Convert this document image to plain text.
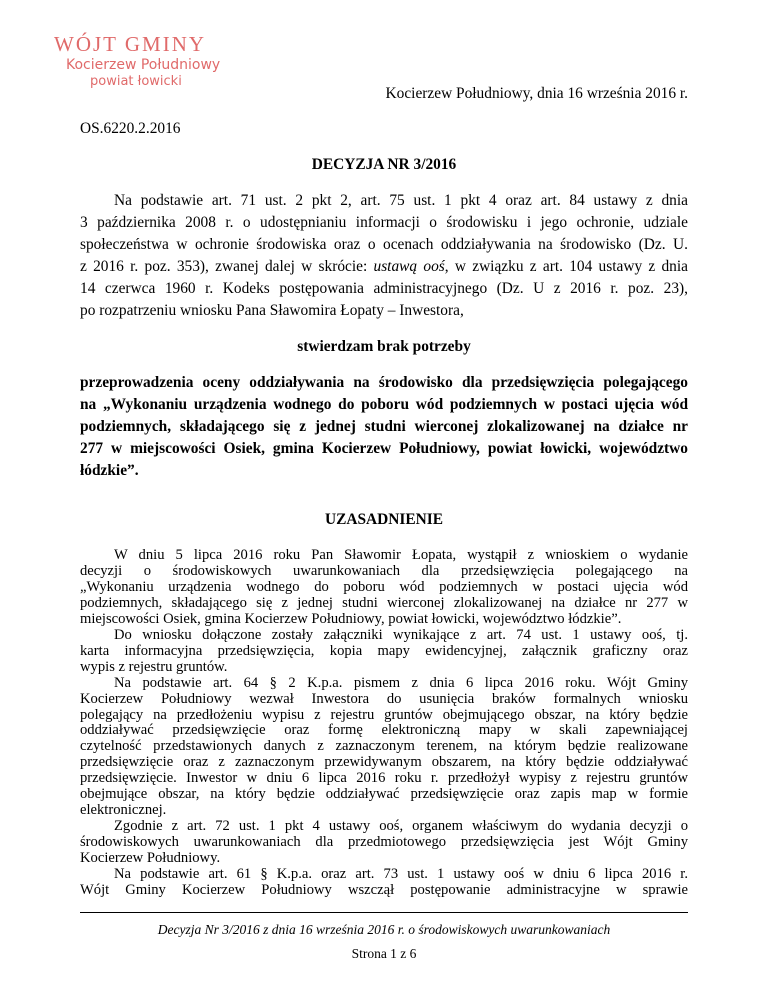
WÓJT GMINY
Kocierzew Południowy
powiat łowicki
Kocierzew Południowy, dnia 16 września 2016 r.
OS.6220.2.2016
DECYZJA NR 3/2016
Na podstawie art. 71 ust. 2 pkt 2, art. 75 ust. 1 pkt 4 oraz art. 84 ustawy z dnia
3 października 2008 r. o udostępnianiu informacji o środowisku i jego ochronie, udziale
społeczeństwa w ochronie środowiska oraz o ocenach oddziaływania na środowisko (Dz. U.
z 2016 r. poz. 353), zwanej dalej w skrócie: ustawą ooś, w związku z art. 104 ustawy z dnia
14 czerwca 1960 r. Kodeks postępowania administracyjnego (Dz. U z 2016 r. poz. 23),
po rozpatrzeniu wniosku Pana Sławomira Łopaty – Inwestora,
stwierdzam brak potrzeby
przeprowadzenia oceny oddziaływania na środowisko dla przedsięwzięcia polegającego
na „Wykonaniu urządzenia wodnego do poboru wód podziemnych w postaci ujęcia wód
podziemnych, składającego się z jednej studni wierconej zlokalizowanej na działce nr
277 w miejscowości Osiek, gmina Kocierzew Południowy, powiat łowicki, województwo
łódzkie”.
UZASADNIENIE
W dniu 5 lipca 2016 roku Pan Sławomir Łopata, wystąpił z wnioskiem o wydanie
decyzji o środowiskowych uwarunkowaniach dla przedsięwzięcia polegającego na
„Wykonaniu urządzenia wodnego do poboru wód podziemnych w postaci ujęcia wód
podziemnych, składającego się z jednej studni wierconej zlokalizowanej na działce nr 277 w
miejscowości Osiek, gmina Kocierzew Południowy, powiat łowicki, województwo łódzkie”.
Do wniosku dołączone zostały załączniki wynikające z art. 74 ust. 1 ustawy ooś, tj.
karta informacyjna przedsięwzięcia, kopia mapy ewidencyjnej, załącznik graficzny oraz
wypis z rejestru gruntów.
Na podstawie art. 64 § 2 K.p.a. pismem z dnia 6 lipca 2016 roku. Wójt Gminy
Kocierzew Południowy wezwał Inwestora do usunięcia braków formalnych wniosku
polegający na przedłożeniu wypisu z rejestru gruntów obejmującego obszar, na który będzie
oddziaływać przedsięwzięcie oraz formę elektroniczną mapy w skali zapewniającej
czytelność przedstawionych danych z zaznaczonym terenem, na którym będzie realizowane
przedsięwzięcie oraz z zaznaczonym przewidywanym obszarem, na który będzie oddziaływać
przedsięwzięcie. Inwestor w dniu 6 lipca 2016 roku r. przedłożył wypisy z rejestru gruntów
obejmujące obszar, na który będzie oddziaływać przedsięwzięcie oraz zapis map w formie
elektronicznej.
Zgodnie z art. 72 ust. 1 pkt 4 ustawy ooś, organem właściwym do wydania decyzji o
środowiskowych uwarunkowaniach dla przedmiotowego przedsięwzięcia jest Wójt Gminy
Kocierzew Południowy.
Na podstawie art. 61 § K.p.a. oraz art. 73 ust. 1 ustawy ooś w dniu 6 lipca 2016 r.
Wójt Gminy Kocierzew Południowy wszczął postępowanie administracyjne w sprawie
Decyzja Nr 3/2016 z dnia 16 września 2016 r. o środowiskowych uwarunkowaniach
Strona 1 z 6
